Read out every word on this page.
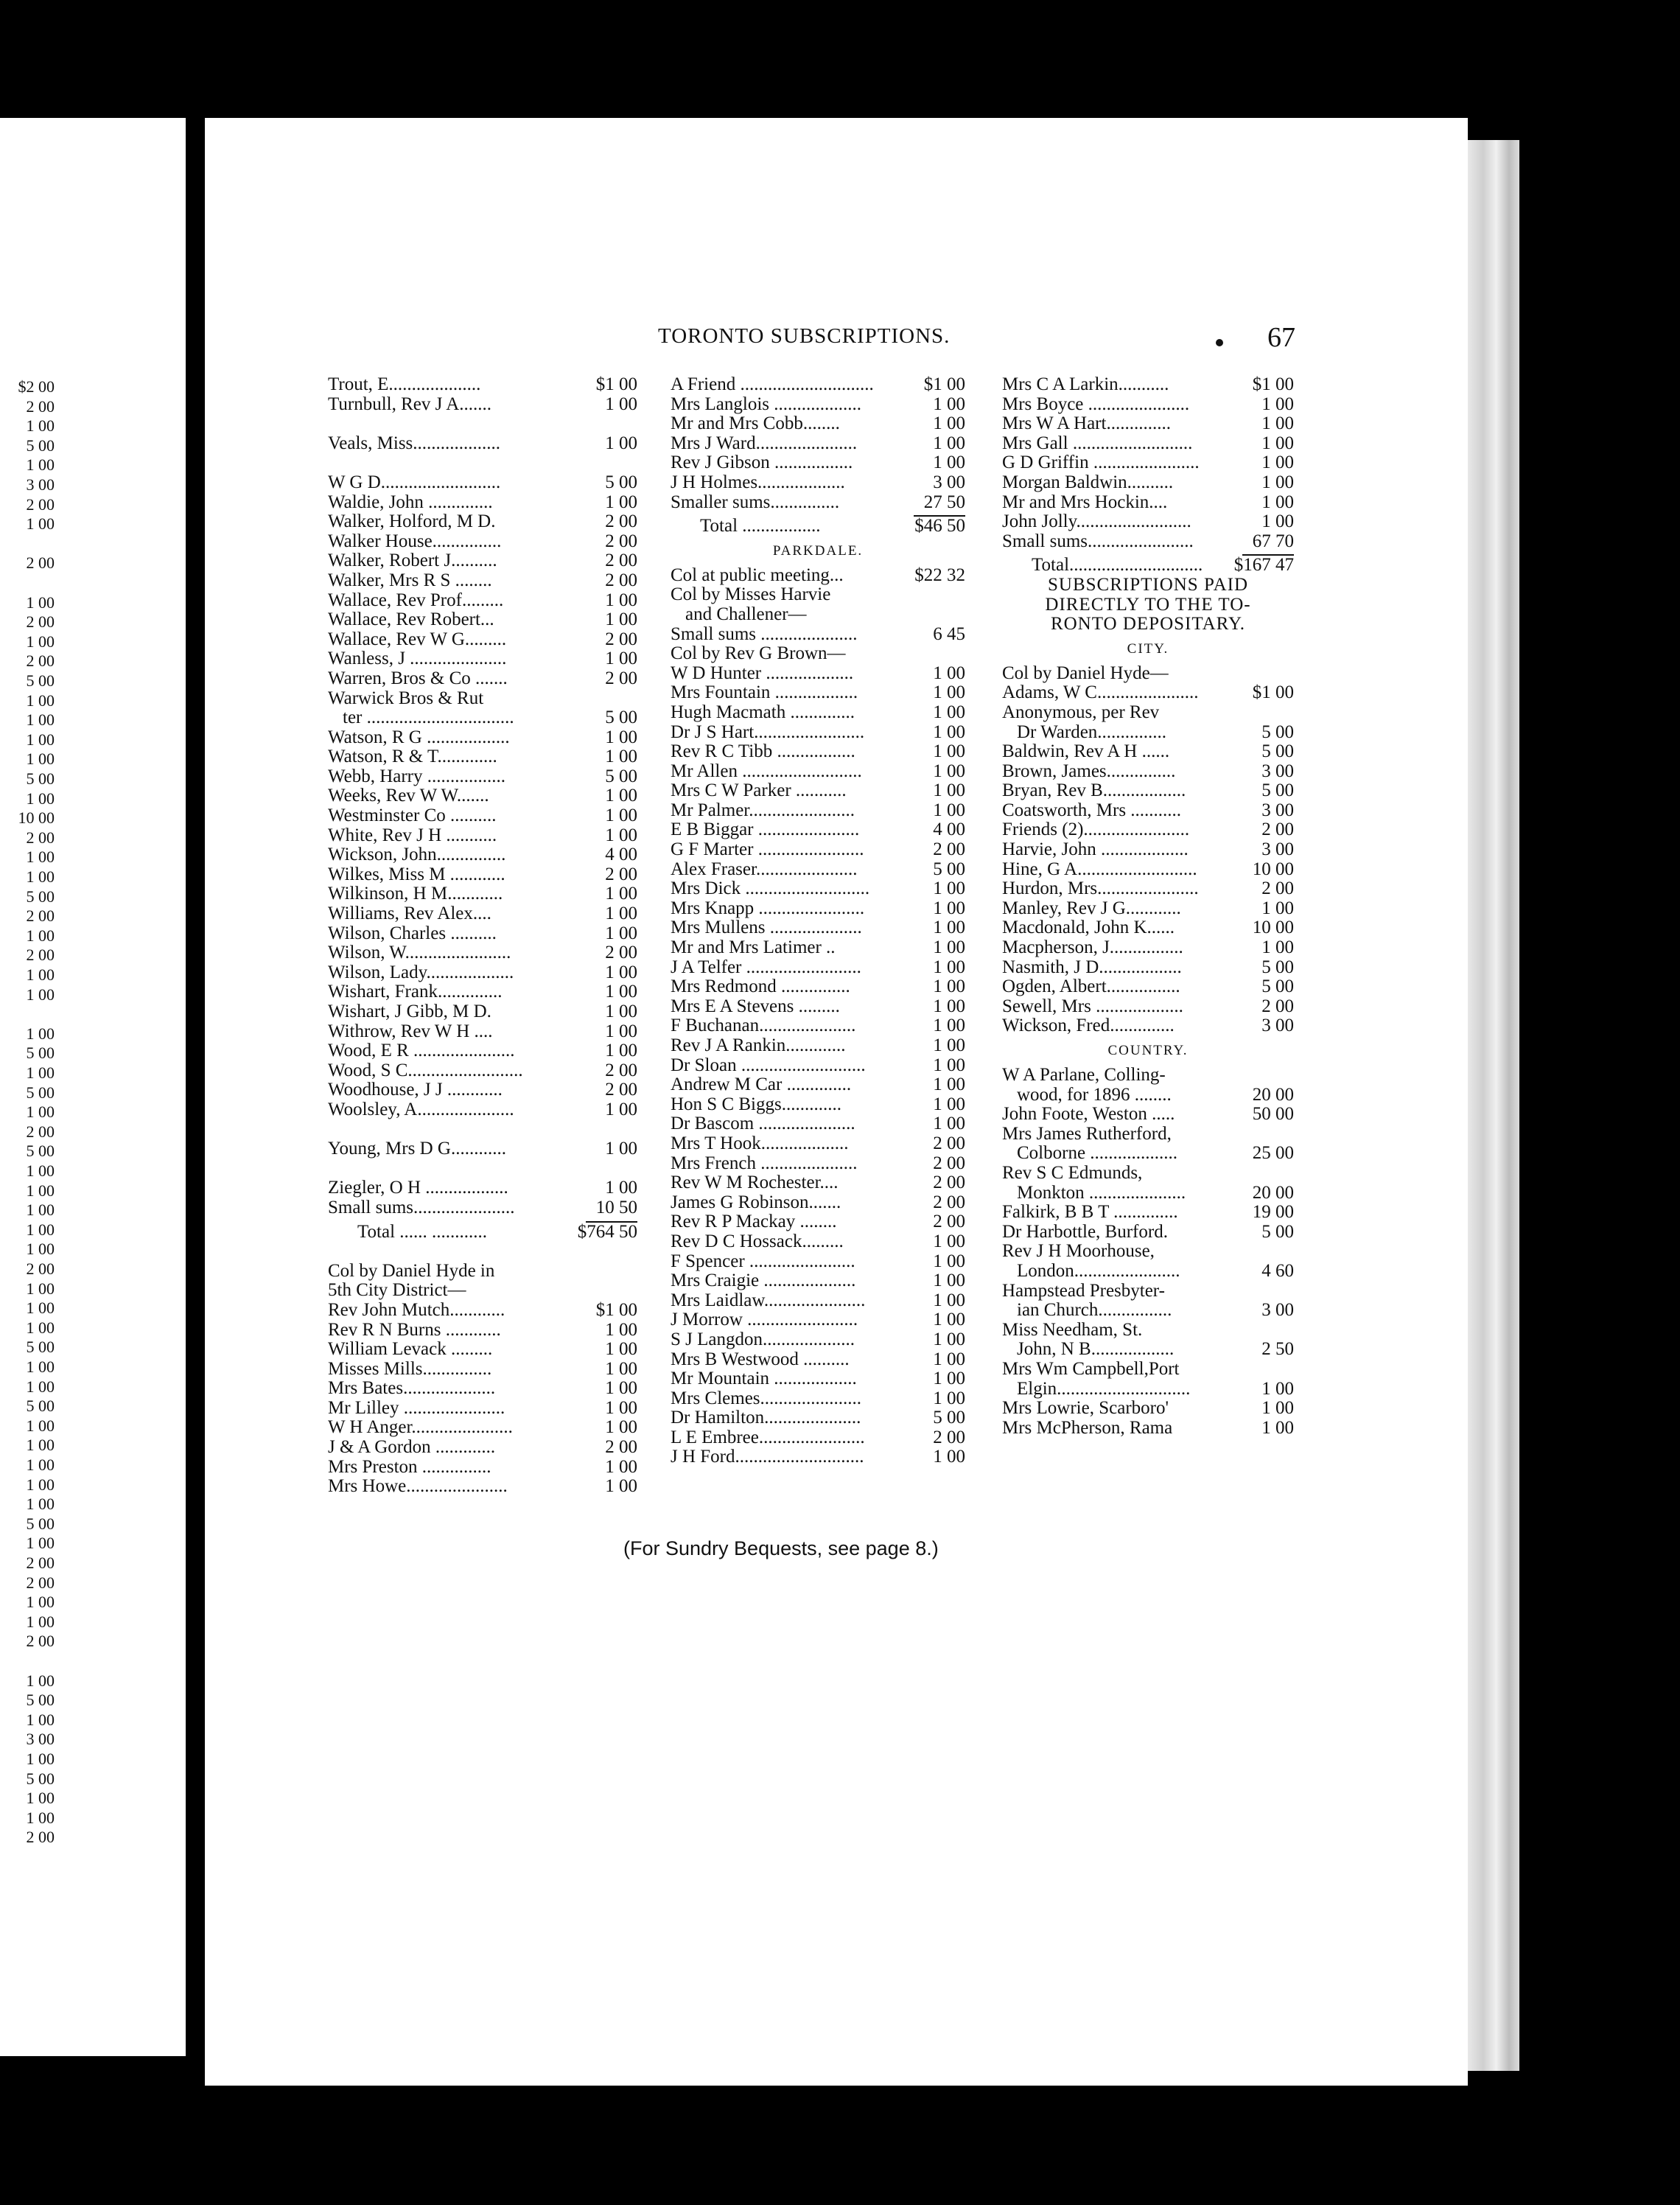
$2 00
2 00
1 00
5 00
1 00
3 00
2 00
1 00
2 00
1 00
2 00
1 00
2 00
5 00
1 00
1 00
1 00
1 00
5 00
1 00
10 00
2 00
1 00
1 00
5 00
2 00
1 00
2 00
1 00
1 00
1 00
5 00
1 00
5 00
1 00
2 00
5 00
1 00
1 00
1 00
1 00
1 00
2 00
1 00
1 00
1 00
5 00
1 00
1 00
5 00
1 00
1 00
1 00
1 00
1 00
5 00
1 00
2 00
2 00
1 00
1 00
2 00
1 00
5 00
1 00
3 00
1 00
5 00
1 00
1 00
2 00
TORONTO SUBSCRIPTIONS.	67
Trout, E....................	$1 00
Turnbull, Rev J A.......	1 00
Veals, Miss...................	1 00
W G D..........................	5 00
Waldie, John ..............	1 00
Walker, Holford, M D.	2 00
Walker House...............	2 00
Walker, Robert J..........	2 00
Walker, Mrs R S ........	2 00
Wallace, Rev Prof.........	1 00
Wallace, Rev Robert...	1 00
Wallace, Rev W G.........	2 00
Wanless, J .....................	1 00
Warren, Bros & Co .......	2 00
Warwick Bros & Rut
ter ................................	5 00
Watson, R G ..................	1 00
Watson, R & T.............	1 00
Webb, Harry .................	5 00
Weeks, Rev W W.......	1 00
Westminster Co ..........	1 00
White, Rev J H ...........	1 00
Wickson, John...............	4 00
Wilkes, Miss M ............	2 00
Wilkinson, H M............	1 00
Williams, Rev Alex....	1 00
Wilson, Charles ..........	1 00
Wilson, W.......................	2 00
Wilson, Lady...................	1 00
Wishart, Frank..............	1 00
Wishart, J Gibb, M D.	1 00
Withrow, Rev W H ....	1 00
Wood, E R ......................	1 00
Wood, S C.........................	2 00
Woodhouse, J J ............	2 00
Woolsley, A.....................	1 00
Young, Mrs D G............	1 00
Ziegler, O H ..................	1 00
Small sums......................	10 50
Total ...... ............	$764 50
Col by Daniel Hyde in
5th City District—
Rev John Mutch............	$1 00
Rev R N Burns ............	1 00
William Levack .........	1 00
Misses Mills...............	1 00
Mrs Bates....................	1 00
Mr Lilley ......................	1 00
W H Anger......................	1 00
J & A Gordon .............	2 00
Mrs Preston ...............	1 00
Mrs Howe......................	1 00
A Friend .............................	$1 00
Mrs Langlois ...................	1 00
Mr and Mrs Cobb........	1 00
Mrs J Ward......................	1 00
Rev J Gibson .................	1 00
J H Holmes...................	3 00
Smaller sums...............	27 50
Total .................	$46 50
PARKDALE.
Col at public meeting...	$22 32
Col by Misses Harvie
and Challener—
Small sums .....................	6 45
Col by Rev G Brown—
W D Hunter ...................	1 00
Mrs Fountain ..................	1 00
Hugh Macmath ..............	1 00
Dr J S Hart........................	1 00
Rev R C Tibb .................	1 00
Mr Allen ..........................	1 00
Mrs C W Parker ...........	1 00
Mr Palmer.......................	1 00
E B Biggar ......................	4 00
G F Marter .......................	2 00
Alex Fraser......................	5 00
Mrs Dick ...........................	1 00
Mrs Knapp .......................	1 00
Mrs Mullens ....................	1 00
Mr and Mrs Latimer ..	1 00
J A Telfer .........................	1 00
Mrs Redmond ...............	1 00
Mrs E A Stevens .........	1 00
F Buchanan.....................	1 00
Rev J A Rankin.............	1 00
Dr Sloan ...........................	1 00
Andrew M Car ..............	1 00
Hon S C Biggs.............	1 00
Dr Bascom .....................	1 00
Mrs T Hook...................	2 00
Mrs French .....................	2 00
Rev W M Rochester....	2 00
James G Robinson.......	2 00
Rev R P Mackay ........	2 00
Rev D C Hossack.........	1 00
F Spencer .......................	1 00
Mrs Craigie ....................	1 00
Mrs Laidlaw......................	1 00
J Morrow ........................	1 00
S J Langdon....................	1 00
Mrs B Westwood ..........	1 00
Mr Mountain ..................	1 00
Mrs Clemes......................	1 00
Dr Hamilton.....................	5 00
L E Embree.......................	2 00
J H Ford............................	1 00
Mrs C A Larkin...........	$1 00
Mrs Boyce ......................	1 00
Mrs W A Hart..............	1 00
Mrs Gall ..........................	1 00
G D Griffin .......................	1 00
Morgan Baldwin..........	1 00
Mr and Mrs Hockin....	1 00
John Jolly.........................	1 00
Small sums.......................	67 70
Total.............................	$167 47
SUBSCRIPTIONS PAID
DIRECTLY TO THE TO-
RONTO DEPOSITARY.
CITY.
Col by Daniel Hyde—
Adams, W C......................	$1 00
Anonymous, per Rev
Dr Warden...............	5 00
Baldwin, Rev A H ......	5 00
Brown, James...............	3 00
Bryan, Rev B..................	5 00
Coatsworth, Mrs ...........	3 00
Friends (2).......................	2 00
Harvie, John ...................	3 00
Hine, G A..........................	10 00
Hurdon, Mrs......................	2 00
Manley, Rev J G............	1 00
Macdonald, John K......	10 00
Macpherson, J................	1 00
Nasmith, J D..................	5 00
Ogden, Albert................	5 00
Sewell, Mrs ...................	2 00
Wickson, Fred..............	3 00
COUNTRY.
W A Parlane, Colling-
wood, for 1896 ........	20 00
John Foote, Weston .....	50 00
Mrs James Rutherford,
Colborne ...................	25 00
Rev S C Edmunds,
Monkton .....................	20 00
Falkirk, B B T ..............	19 00
Dr Harbottle, Burford.	5 00
Rev J H Moorhouse,
London.......................	4 60
Hampstead Presbyter-
ian Church................	3 00
Miss Needham, St.
John, N B..................	2 50
Mrs Wm Campbell,Port
Elgin.............................	1 00
Mrs Lowrie, Scarboro'	1 00
Mrs McPherson, Rama	1 00
(For Sundry Bequests, see page 8.)
